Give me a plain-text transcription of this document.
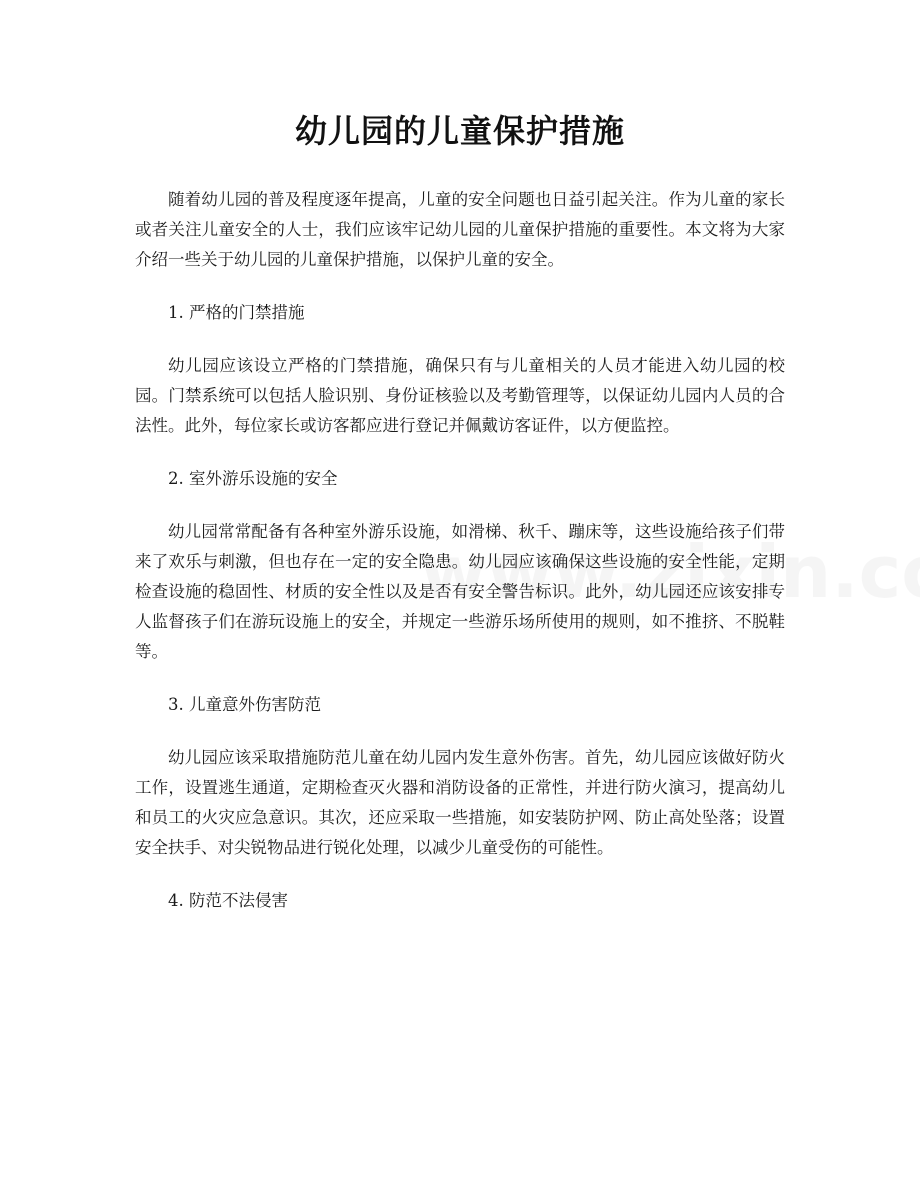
幼儿园的儿童保护措施

随着幼儿园的普及程度逐年提高，儿童的安全问题也日益引起关注。作为儿童的家长或者关注儿童安全的人士，我们应该牢记幼儿园的儿童保护措施的重要性。本文将为大家介绍一些关于幼儿园的儿童保护措施，以保护儿童的安全。

1. 严格的门禁措施

幼儿园应该设立严格的门禁措施，确保只有与儿童相关的人员才能进入幼儿园的校园。门禁系统可以包括人脸识别、身份证核验以及考勤管理等，以保证幼儿园内人员的合法性。此外，每位家长或访客都应进行登记并佩戴访客证件，以方便监控。

2. 室外游乐设施的安全

幼儿园常常配备有各种室外游乐设施，如滑梯、秋千、蹦床等，这些设施给孩子们带来了欢乐与刺激，但也存在一定的安全隐患。幼儿园应该确保这些设施的安全性能，定期检查设施的稳固性、材质的安全性以及是否有安全警告标识。此外，幼儿园还应该安排专人监督孩子们在游玩设施上的安全，并规定一些游乐场所使用的规则，如不推挤、不脱鞋等。

3. 儿童意外伤害防范

幼儿园应该采取措施防范儿童在幼儿园内发生意外伤害。首先，幼儿园应该做好防火工作，设置逃生通道，定期检查灭火器和消防设备的正常性，并进行防火演习，提高幼儿和员工的火灾应急意识。其次，还应采取一些措施，如安装防护网、防止高处坠落；设置安全扶手、对尖锐物品进行锐化处理，以减少儿童受伤的可能性。

4. 防范不法侵害
